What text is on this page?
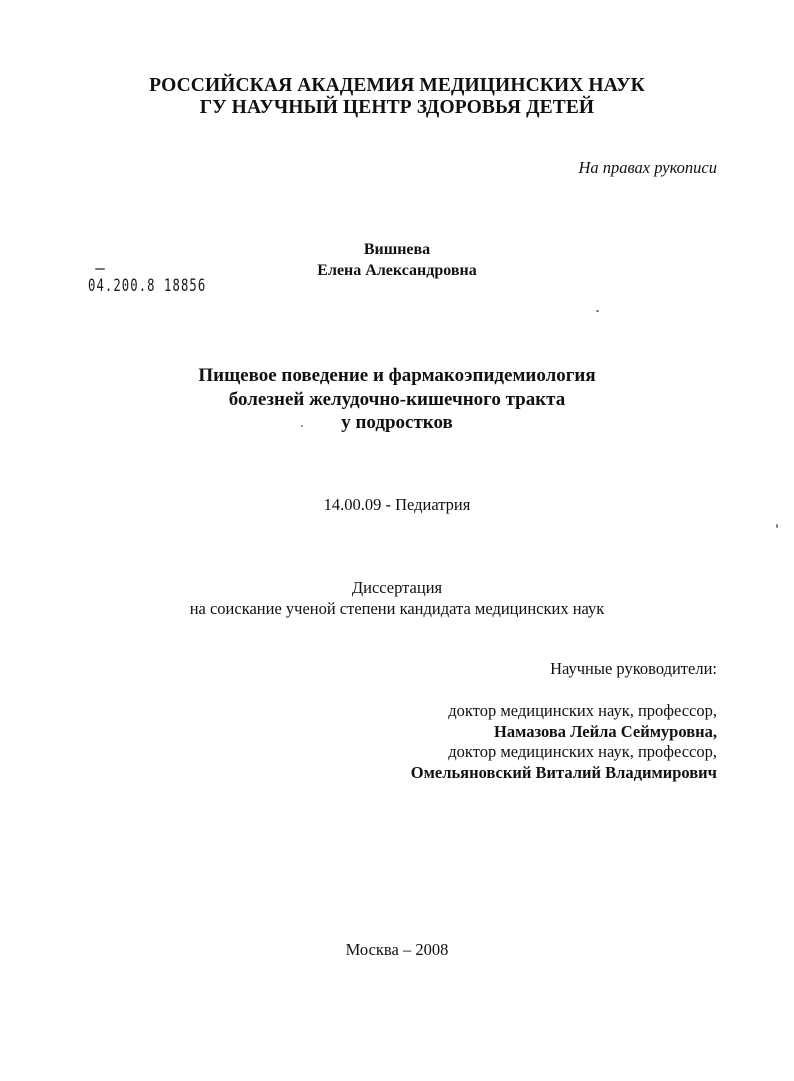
РОССИЙСКАЯ АКАДЕМИЯ МЕДИЦИНСКИХ НАУК
ГУ НАУЧНЫЙ ЦЕНТР ЗДОРОВЬЯ ДЕТЕЙ
На правах рукописи
Вишнева
Елена Александровна
04.200.8 18856
Пищевое поведение и фармакоэпидемиология
болезней желудочно-кишечного тракта
у подростков
14.00.09 - Педиатрия
Диссертация
на соискание ученой степени кандидата медицинских наук
Научные руководители:
доктор медицинских наук, профессор,
Намазова Лейла Сеймуровна,
доктор медицинских наук, профессор,
Омельяновский Виталий Владимирович
Москва – 2008
